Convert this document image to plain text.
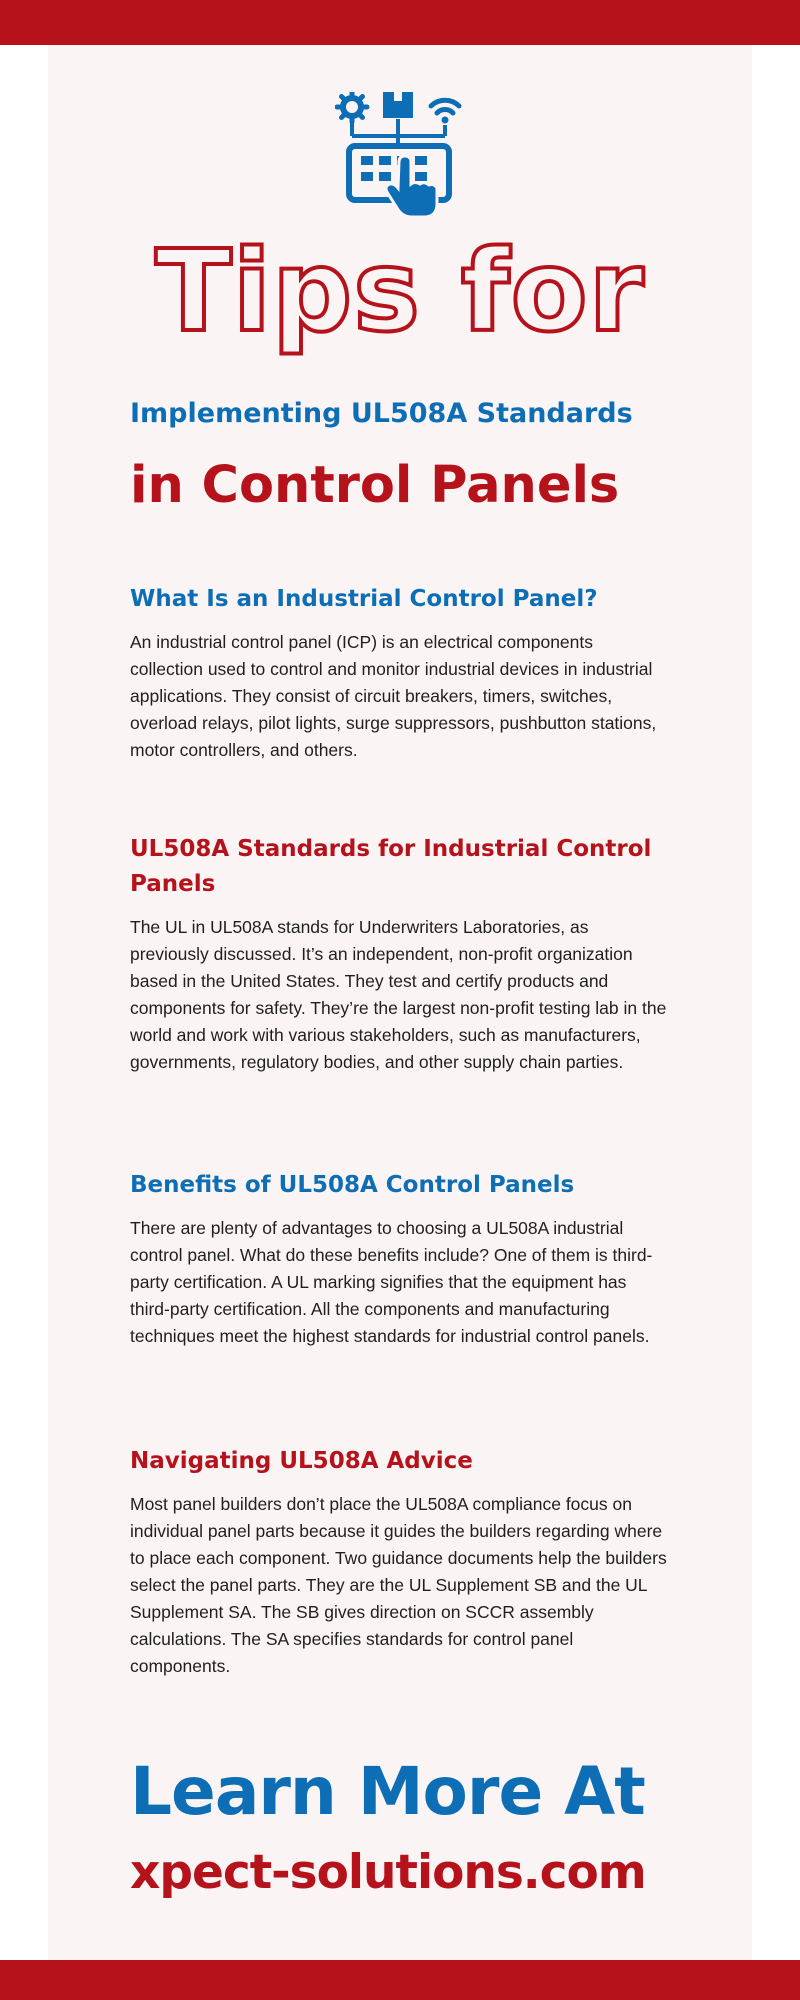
Tips for
Implementing UL508A Standards
in Control Panels
What Is an Industrial Control Panel?

An industrial control panel (ICP) is an electrical components collection used to control and monitor industrial devices in industrial applications. They consist of circuit breakers, timers, switches, overload relays, pilot lights, surge suppressors, pushbutton stations, motor controllers, and others.

UL508A Standards for Industrial Control Panels

The UL in UL508A stands for Underwriters Laboratories, as previously discussed. It’s an independent, non-profit organization based in the United States. They test and certify products and components for safety. They’re the largest non-profit testing lab in the world and work with various stakeholders, such as manufacturers, governments, regulatory bodies, and other supply chain parties.

Benefits of UL508A Control Panels

There are plenty of advantages to choosing a UL508A industrial control panel. What do these benefits include? One of them is third-party certification. A UL marking signifies that the equipment has third-party certification. All the components and manufacturing techniques meet the highest standards for industrial control panels.

Navigating UL508A Advice

Most panel builders don’t place the UL508A compliance focus on individual panel parts because it guides the builders regarding where to place each component. Two guidance documents help the builders select the panel parts. They are the UL Supplement SB and the UL Supplement SA. The SB gives direction on SCCR assembly calculations. The SA specifies standards for control panel components.

Learn More At
xpect-solutions.com
